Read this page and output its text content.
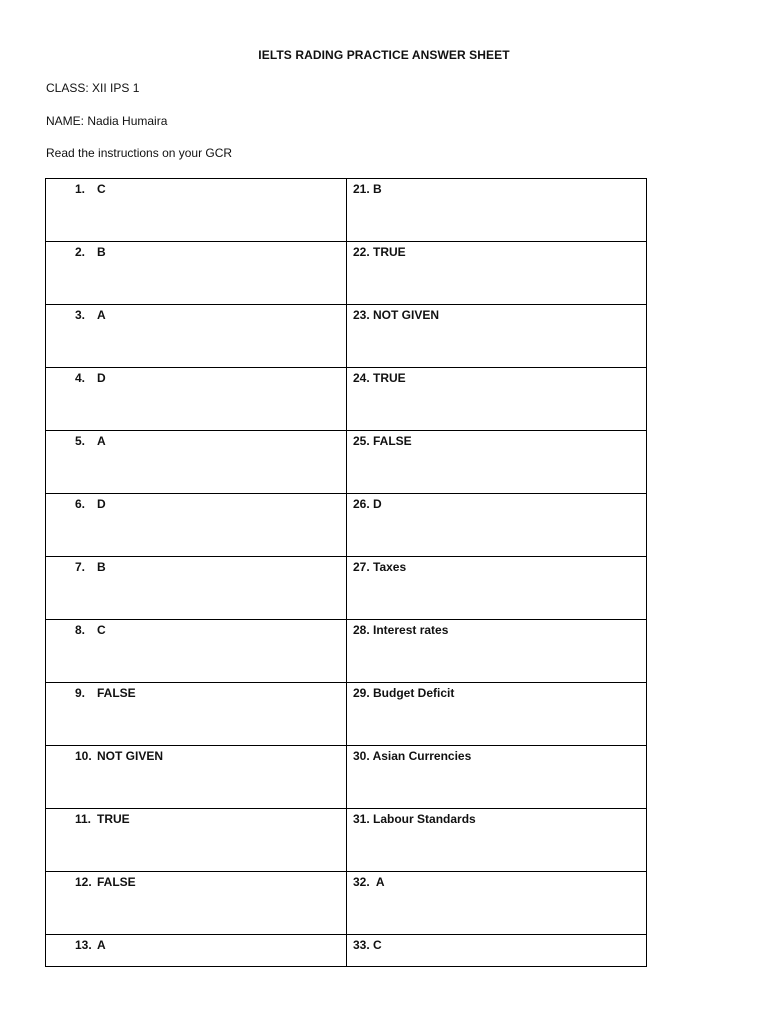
IELTS RADING PRACTICE ANSWER SHEET
CLASS: XII IPS 1
NAME: Nadia Humaira
Read the instructions on your GCR
1. C	21. B

2. B	22. TRUE

3. A	23. NOT GIVEN

4. D	24. TRUE

5. A	25. FALSE

6. D	26. D

7. B	27. Taxes

8. C	28. Interest rates

9. FALSE	29. Budget Deficit

10. NOT GIVEN	30. Asian Currencies

11. TRUE	31. Labour Standards

12. FALSE	32.  A

13. A	33. C
